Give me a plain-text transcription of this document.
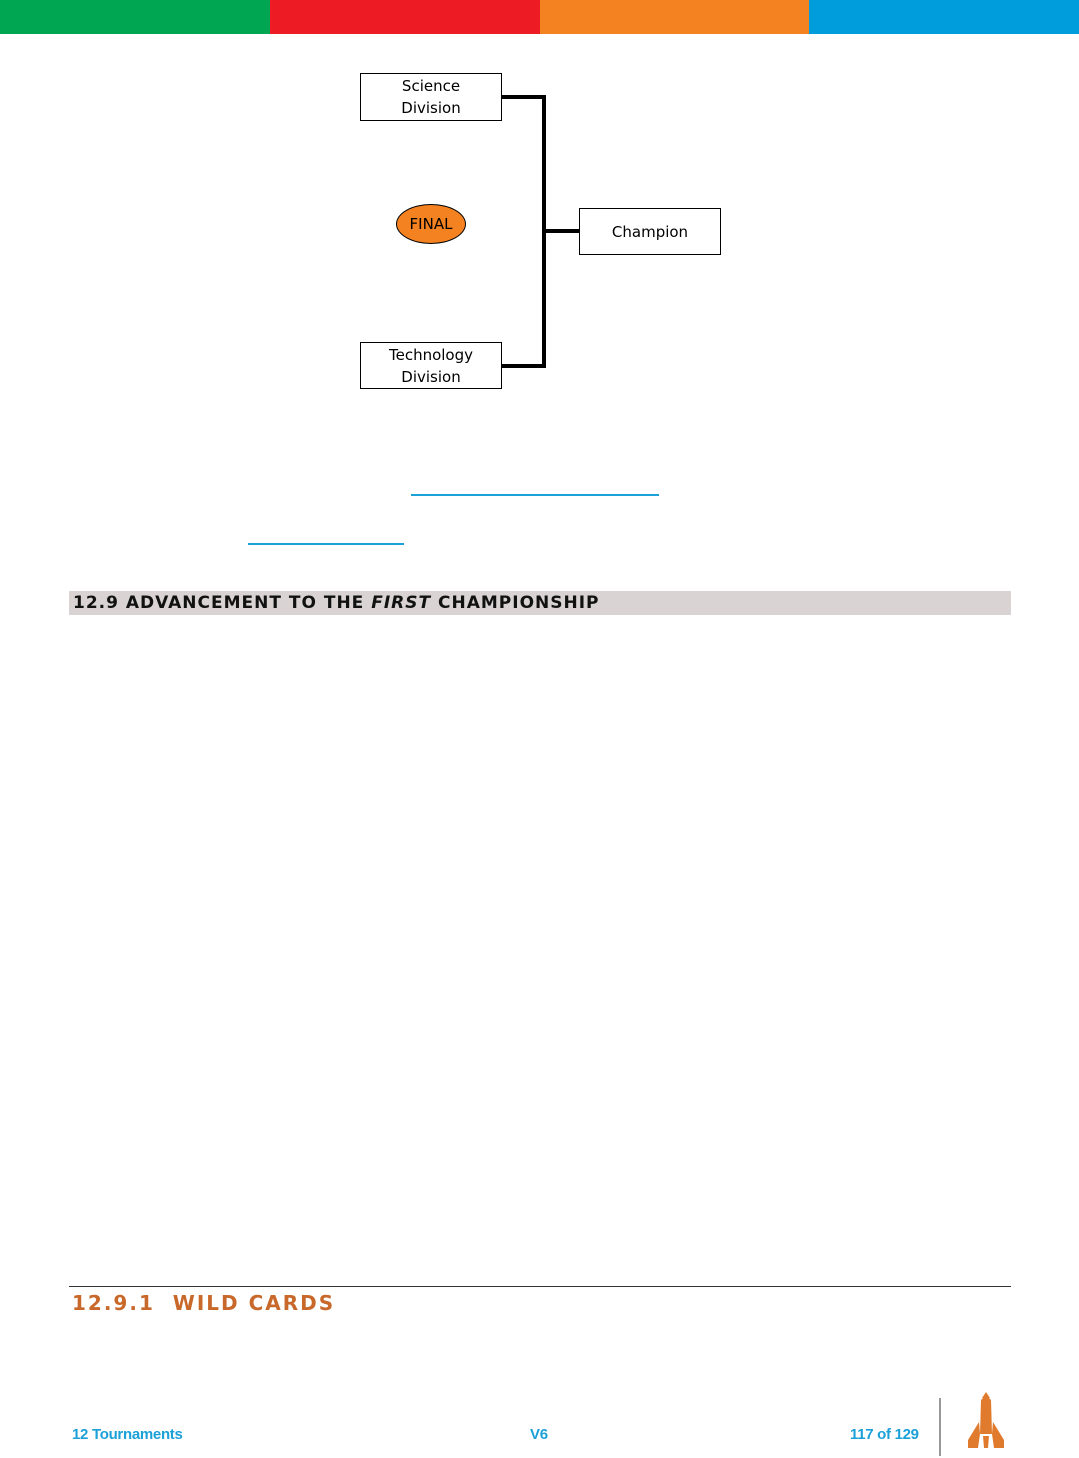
Science
Division
Technology
Division
Champion
FINAL
12.9 ADVANCEMENT TO THE FIRST CHAMPIONSHIP
12.9.1 WILD CARDS
12 Tournaments	V6	117 of 129
